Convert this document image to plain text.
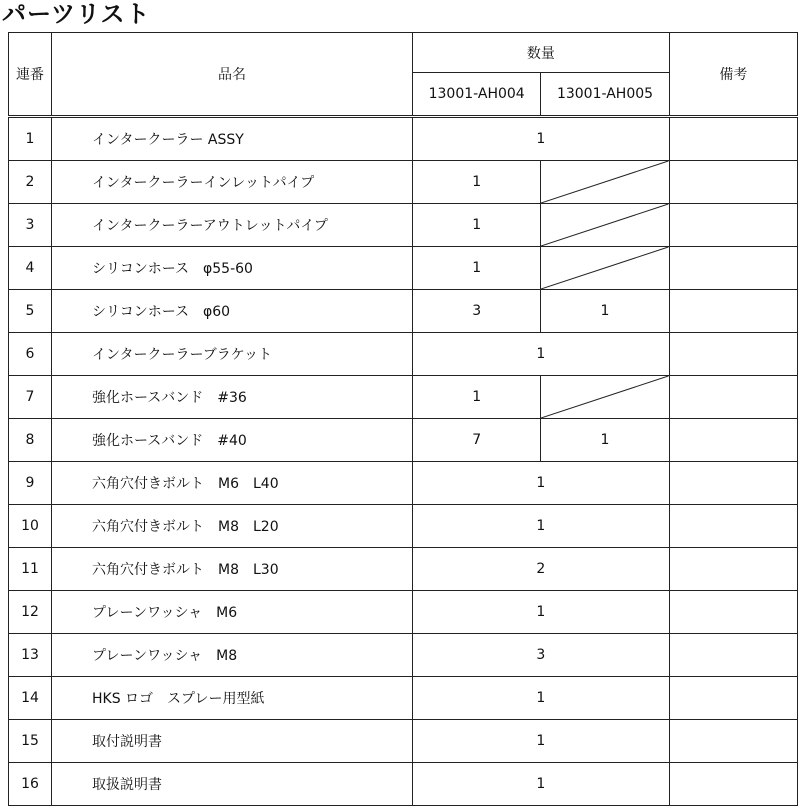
パーツリスト
連番	品名	数量		備考
		13001-AH004	13001-AH005	
1	インタークーラー ASSY	1		
2	インタークーラーインレットパイプ	1	

3	インタークーラーアウトレットパイプ	1	

4	シリコンホース　φ55-60	1	

5	シリコンホース　φ60	3	1	
6	インタークーラーブラケット	1		
7	強化ホースバンド　#36	1	

8	強化ホースバンド　#40	7	1	
9	六角穴付きボルト　M6　L40	1		
10	六角穴付きボルト　M8　L20	1		
11	六角穴付きボルト　M8　L30	2		
12	プレーンワッシャ　M6	1		
13	プレーンワッシャ　M8	3		
14	HKS ロゴ　スプレー用型紙	1		
15	取付説明書	1		
16	取扱説明書	1		
